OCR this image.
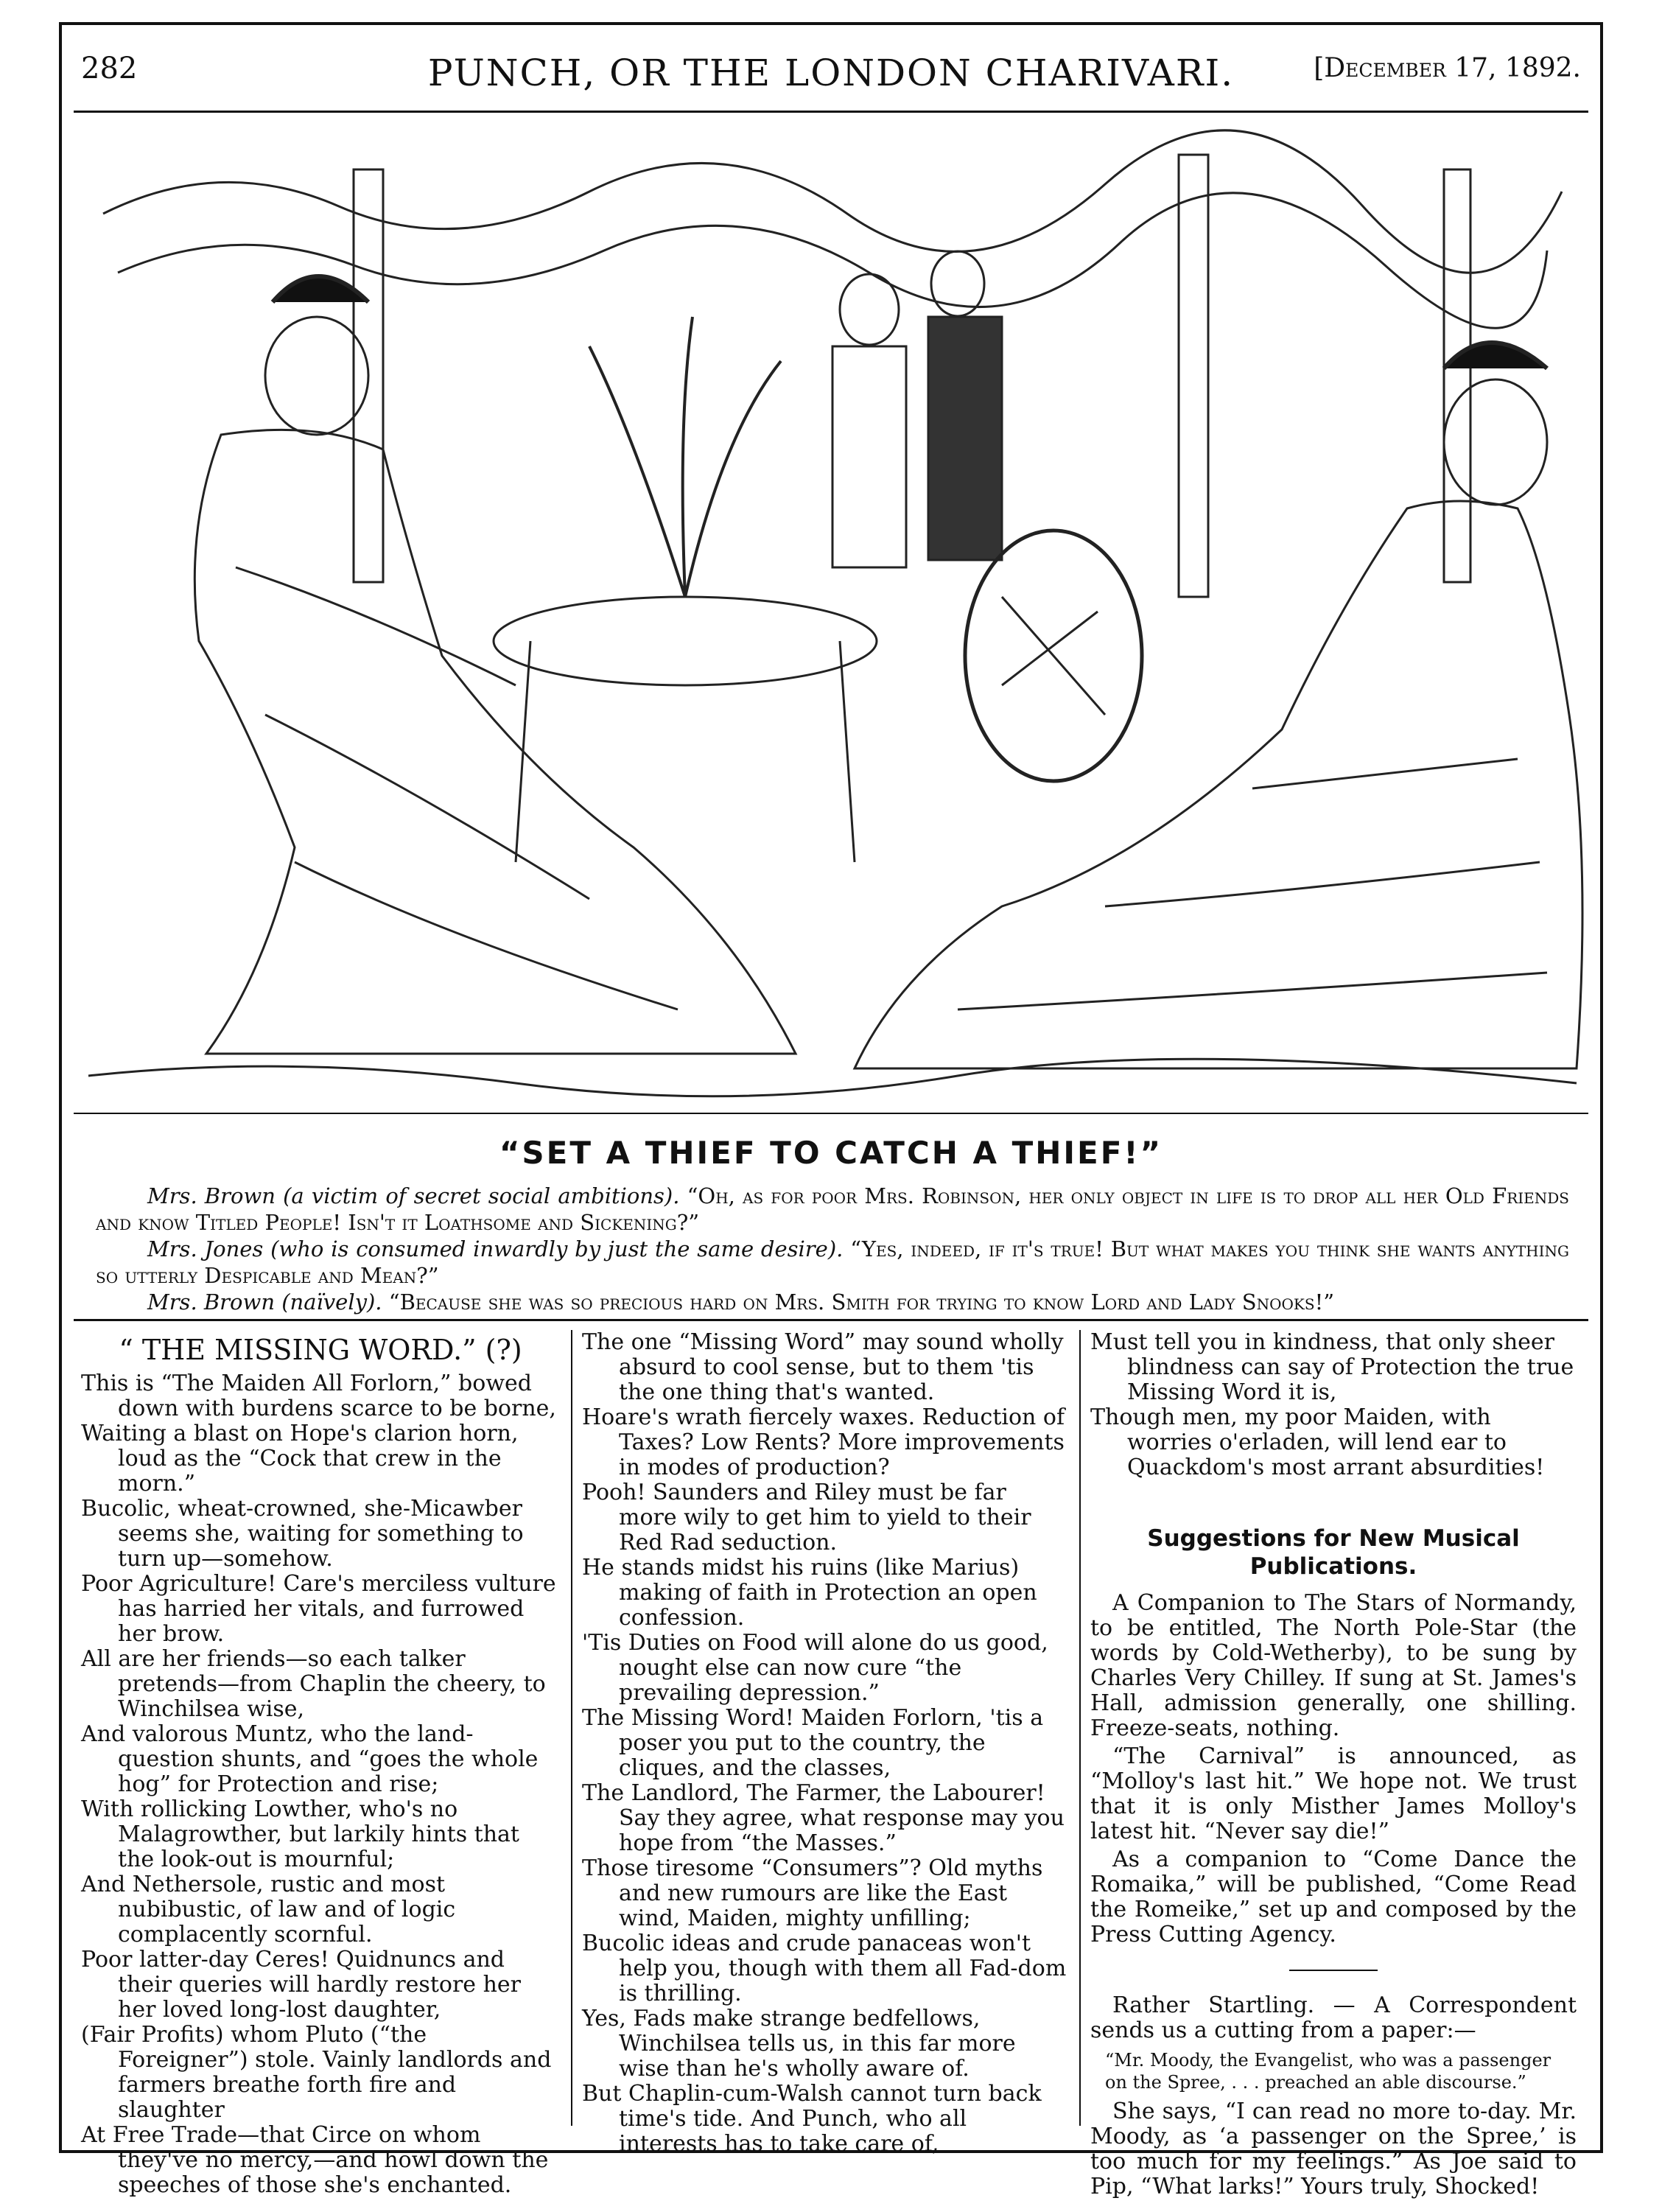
282	PUNCH, OR THE LONDON CHARIVARI.	[December 17, 1892.
“SET A THIEF TO CATCH A THIEF!”

Mrs. Brown (a victim of secret social ambitions). “Oh, as for poor Mrs. Robinson, her only object in life is to drop all her Old Friends and know Titled People! Isn't it Loathsome and Sickening?”

Mrs. Jones (who is consumed inwardly by just the same desire). “Yes, indeed, if it's true! But what makes you think she wants anything so utterly Despicable and Mean?”

Mrs. Brown (naïvely). “Because she was so precious hard on Mrs. Smith for trying to know Lord and Lady Snooks!”

“ THE MISSING WORD.” (?)

This is “The Maiden All Forlorn,” bowed down with burdens scarce to be borne,

Waiting a blast on Hope's clarion horn, loud as the “Cock that crew in the morn.”

Bucolic, wheat-crowned, she-Micawber seems she, waiting for something to turn up—somehow.

Poor Agriculture! Care's merciless vulture has harried her vitals, and furrowed her brow.

All are her friends—so each talker pretends—from Chaplin the cheery, to Winchilsea wise,

And valorous Muntz, who the land-question shunts, and “goes the whole hog” for Protection and rise;

With rollicking Lowther, who's no Malagrowther, but larkily hints that the look-out is mournful;

And Nethersole, rustic and most nubibustic, of law and of logic complacently scornful.

Poor latter-day Ceres! Quidnuncs and their queries will hardly restore her her loved long-lost daughter,

(Fair Profits) whom Pluto (“the Foreigner”) stole. Vainly landlords and farmers breathe forth fire and slaughter

At Free Trade—that Circe on whom they've no mercy,—and howl down the speeches of those she's enchanted.

The one “Missing Word” may sound wholly absurd to cool sense, but to them 'tis the one thing that's wanted.

Hoare's wrath fiercely waxes. Reduction of Taxes? Low Rents? More improvements in modes of production?

Pooh! Saunders and Riley must be far more wily to get him to yield to their Red Rad seduction.

He stands midst his ruins (like Marius) making of faith in Protection an open confession.

'Tis Duties on Food will alone do us good, nought else can now cure “the prevailing depression.”

The Missing Word! Maiden Forlorn, 'tis a poser you put to the country, the cliques, and the classes,

The Landlord, The Farmer, the Labourer! Say they agree, what response may you hope from “the Masses.”

Those tiresome “Consumers”? Old myths and new rumours are like the East wind, Maiden, mighty unfilling;

Bucolic ideas and crude panaceas won't help you, though with them all Fad-dom is thrilling.

Yes, Fads make strange bedfellows, Winchilsea tells us, in this far more wise than he's wholly aware of.

But Chaplin-cum-Walsh cannot turn back time's tide. And Punch, who all interests has to take care of,

Must tell you in kindness, that only sheer blindness can say of Protection the true Missing Word it is,

Though men, my poor Maiden, with worries o'erladen, will lend ear to Quackdom's most arrant absurdities!

Suggestions for New Musical Publications.

A Companion to The Stars of Normandy, to be entitled, The North Pole-Star (the words by Cold-Wetherby), to be sung by Charles Very Chilley. If sung at St. James's Hall, admission generally, one shilling. Freeze-seats, nothing.

“The Carnival” is announced, as “Molloy's last hit.” We hope not. We trust that it is only Misther James Molloy's latest hit. “Never say die!”

As a companion to “Come Dance the Romaika,” will be published, “Come Read the Romeike,” set up and composed by the Press Cutting Agency.

Rather Startling. — A Correspondent sends us a cutting from a paper:—

“Mr. Moody, the Evangelist, who was a passenger on the Spree, . . . preached an able discourse.”

She says, “I can read no more to-day. Mr. Moody, as ‘a passenger on the Spree,’ is too much for my feelings.” As Joe said to Pip, “What larks!” Yours truly, Shocked!
